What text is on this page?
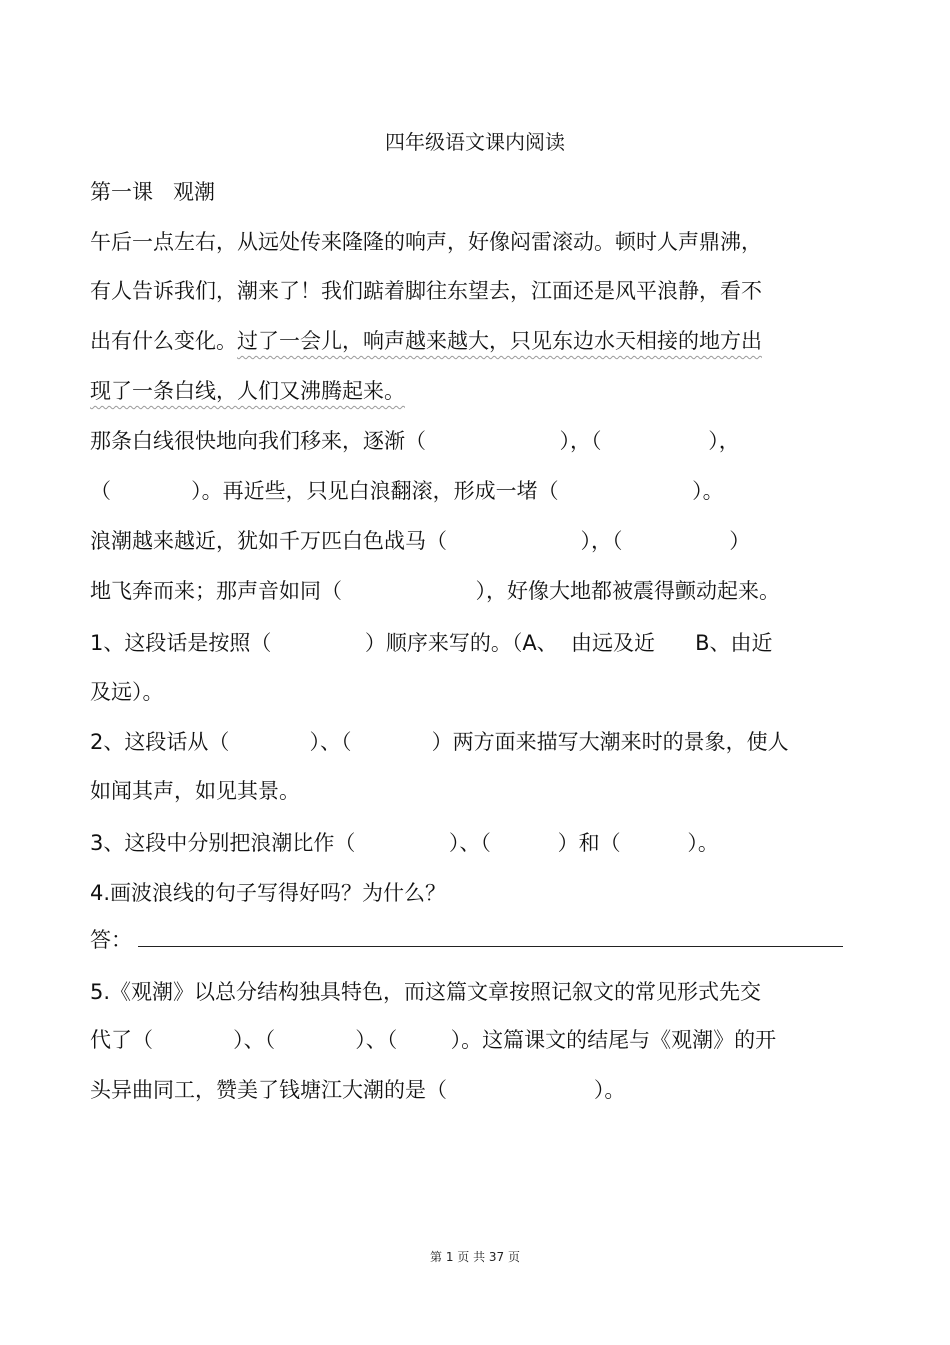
四年级语文课内阅读
第一课   观潮
午后一点左右，从远处传来隆隆的响声，好像闷雷滚动。顿时人声鼎沸，
有人告诉我们，潮来了！我们踮着脚往东望去，江面还是风平浪静，看不
出有什么变化。过了一会儿，响声越来越大，只见东边水天相接的地方出
现了一条白线，人们又沸腾起来。
那条白线很快地向我们移来，逐渐（                    ），（                ），
（            ）。再近些，只见白浪翻滚，形成一堵（                    ）。
浪潮越来越近，犹如千万匹白色战马（                    ），（                ）
地飞奔而来；那声音如同（                    ），好像大地都被震得颤动起来。
1、这段话是按照（              ）顺序来写的。（A、  由远及近      B、由近
及远）。
2、这段话从（            ）、（            ）两方面来描写大潮来时的景象，使人
如闻其声，如见其景。
3、这段中分别把浪潮比作（              ）、（          ）和（          ）。
4.画波浪线的句子写得好吗？为什么？
答：
5.《观潮》以总分结构独具特色，而这篇文章按照记叙文的常见形式先交
代了（            ）、（            ）、（        ）。这篇课文的结尾与《观潮》的开
头异曲同工，赞美了钱塘江大潮的是（                      ）。
第 1 页 共 37 页
